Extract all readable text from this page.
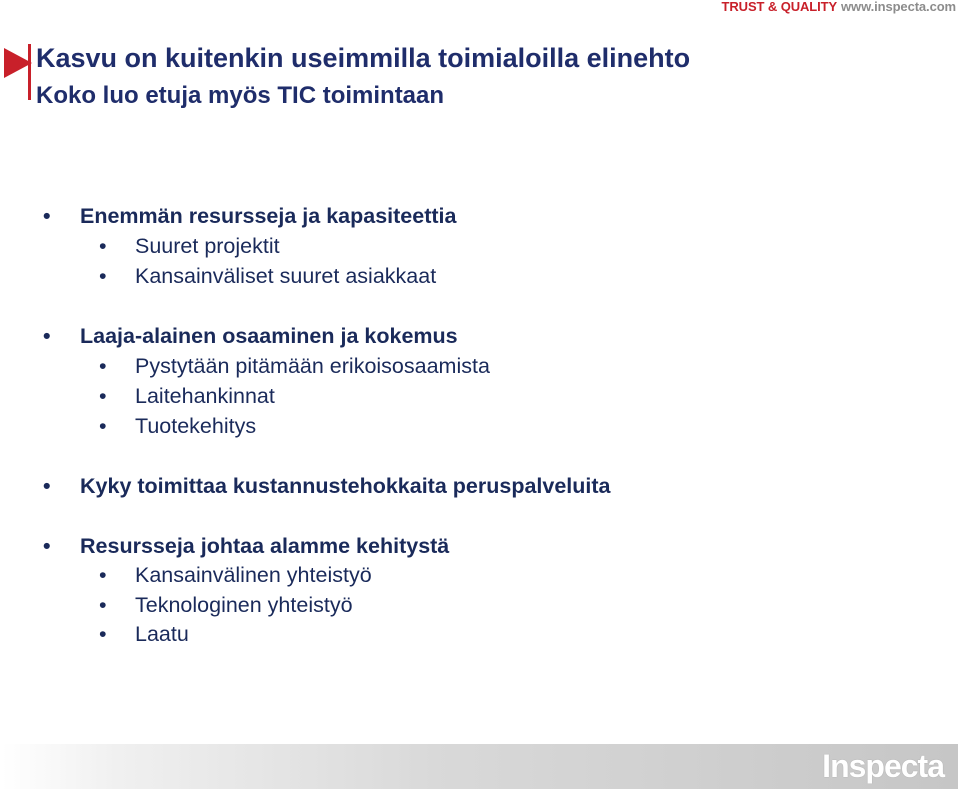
TRUST & QUALITY www.inspecta.com
Kasvu on kuitenkin useimmilla toimialoilla elinehto
Koko luo etuja myös TIC toimintaan
• Enemmän resursseja ja kapasiteettia
• Suuret projektit
• Kansainväliset suuret asiakkaat
• Laaja-alainen osaaminen ja kokemus
• Pystytään pitämään erikoisosaamista
• Laitehankinnat
• Tuotekehitys
• Kyky toimittaa kustannustehokkaita peruspalveluita
• Resursseja johtaa alamme kehitystä
• Kansainvälinen yhteistyö
• Teknologinen yhteistyö
• Laatu
Inspecta
